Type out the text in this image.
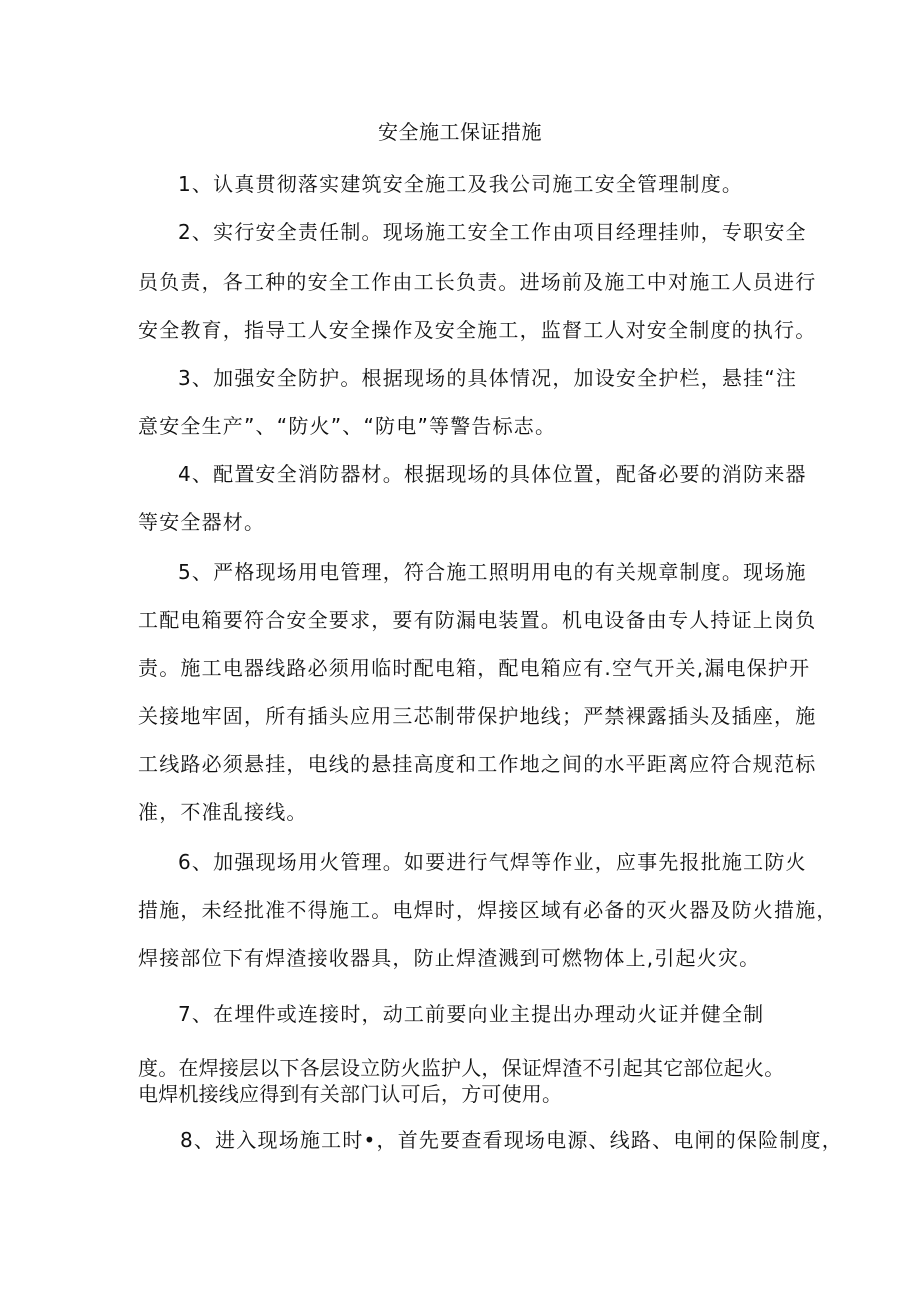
安全施工保证措施
1、认真贯彻落实建筑安全施工及我公司施工安全管理制度。
2、实行安全责任制。现场施工安全工作由项目经理挂帅，专职安全
员负责，各工种的安全工作由工长负责。进场前及施工中对施工人员进行
安全教育，指导工人安全操作及安全施工，监督工人对安全制度的执行。
3、加强安全防护。根据现场的具体情况，加设安全护栏，悬挂“注
意安全生产”、“防火”、“防电”等警告标志。
4、配置安全消防器材。根据现场的具体位置，配备必要的消防来器
等安全器材。
5、严格现场用电管理，符合施工照明用电的有关规章制度。现场施
工配电箱要符合安全要求，要有防漏电装置。机电设备由专人持证上岗负
责。施工电器线路必须用临时配电箱，配电箱应有.空气开关,漏电保护开
关接地牢固，所有插头应用三芯制带保护地线；严禁裸露插头及插座，施
工线路必须悬挂，电线的悬挂高度和工作地之间的水平距离应符合规范标
准，不准乱接线。
6、加强现场用火管理。如要进行气焊等作业，应事先报批施工防火
措施，未经批准不得施工。电焊时，焊接区域有必备的灭火器及防火措施，
焊接部位下有焊渣接收器具，防止焊渣溅到可燃物体上,引起火灾。
7、在埋件或连接时，动工前要向业主提出办理动火证并健全制
度。在焊接层以下各层设立防火监护人，保证焊渣不引起其它部位起火。
电焊机接线应得到有关部门认可后，方可使用。
8、进入现场施工时•，首先要查看现场电源、线路、电闸的保险制度，
